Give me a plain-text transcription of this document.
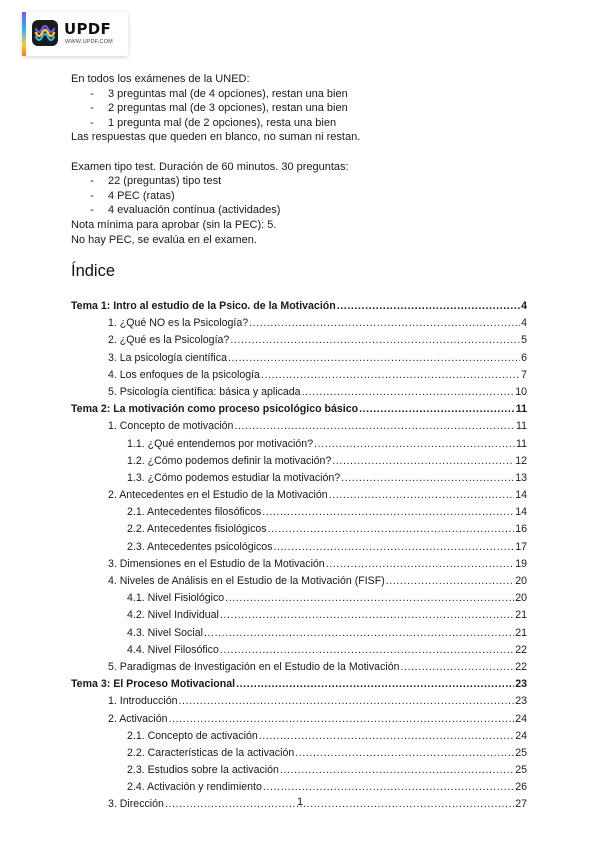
UPDF
WWW.UPDF.COM

En todos los exámenes de la UNED:

- 3 preguntas mal (de 4 opciones), restan una bien
- 2 preguntas mal (de 3 opciones), restan una bien
- 1 pregunta mal (de 2 opciones), resta una bien

Las respuestas que queden en blanco, no suman ni restan.

Examen tipo test. Duración de 60 minutos. 30 preguntas:

- 22 (preguntas) tipo test
- 4 PEC (ratas)
- 4 evaluación contínua (actividades)

Nota mínima para aprobar (sin la PEC): 5.

No hay PEC, se evalúa en el examen.

Índice
Tema 1: Intro al estudio de la Psico. de la Motivación .....	4
1. ¿Qué NO es la Psicología? .....	4
2. ¿Qué es la Psicología? .....	5
3. La psicología científica .....	6
4. Los enfoques de la psicología .....	7
5. Psicología científica: básica y aplicada .....	10
Tema 2: La motivación como proceso psicológico básico .....	11
1. Concepto de motivación .....	11
1.1. ¿Qué entendemos por motivación? .....	11
1.2. ¿Cómo podemos definir la motivación? .....	12
1.3. ¿Cómo podemos estudiar la motivación? .....	13
2. Antecedentes en el Estudio de la Motivación .....	14
2.1. Antecedentes filosóficos .....	14
2.2. Antecedentes fisiológicos .....	16
2.3. Antecedentes psicológicos .....	17
3. Dimensiones en el Estudio de la Motivación .....	19
4. Niveles de Análisis en el Estudio de la Motivación (FISF) .....	20
4.1. Nivel Fisiológico .....	20
4.2. Nivel Individual .....	21
4.3. Nivel Social .....	21
4.4. Nivel Filosófico .....	22
5. Paradigmas de Investigación en el Estudio de la Motivación .....	22
Tema 3: El Proceso Motivacional .....	23
1. Introducción .....	23
2. Activación .....	24
2.1. Concepto de activación .....	24
2.2. Características de la activación .....	25
2.3. Estudios sobre la activación .....	25
2.4. Activación y rendimiento .....	26
3. Dirección .....	27
1
